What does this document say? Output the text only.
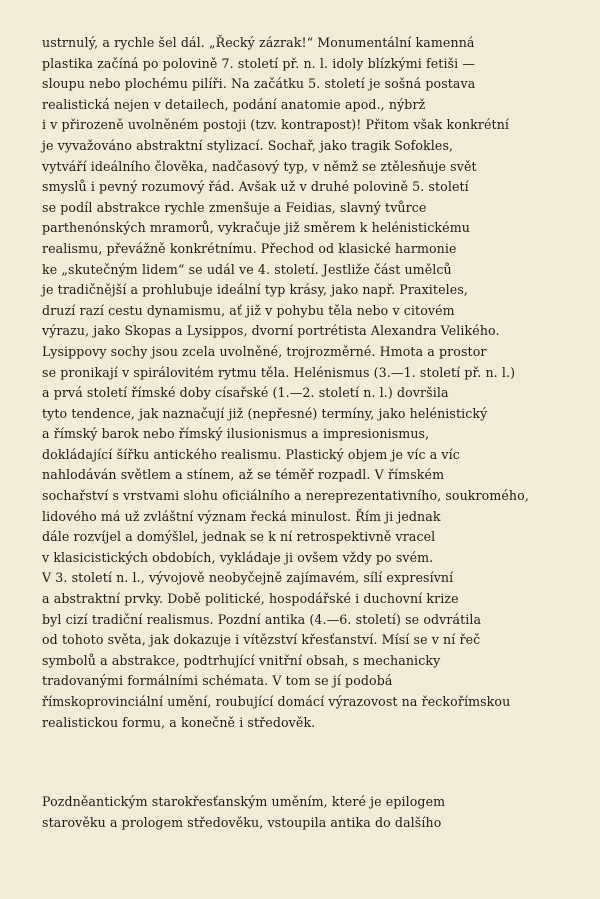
ustrnulý, a rychle šel dál. „Řecký zázrak!“ Monumentální kamenná
plastika začíná po polovině 7. století př. n. l. idoly blízkými fetiši —
sloupu nebo plochému pilíři. Na začátku 5. století je sošná postava
realistická nejen v detailech, podání anatomie apod., nýbrž
i v přirozeně uvolněném postoji (tzv. kontrapost)! Přitom však konkrétní
je vyvažováno abstraktní stylizací. Sochař, jako tragik Sofokles,
vytváří ideálního člověka, nadčasový typ, v němž se ztělesňuje svět
smyslů i pevný rozumový řád. Avšak už v druhé polovině 5. století
se podíl abstrakce rychle zmenšuje a Feidias, slavný tvůrce
parthenónských mramorů, vykračuje již směrem k helénistickému
realismu, převážně konkrétnímu. Přechod od klasické harmonie
ke „skutečným lidem“ se udál ve 4. století. Jestliže část umělců
je tradičnější a prohlubuje ideální typ krásy, jako např. Praxiteles,
druzí razí cestu dynamismu, ať již v pohybu těla nebo v citovém
výrazu, jako Skopas a Lysippos, dvorní portrétista Alexandra Velikého.
Lysippovy sochy jsou zcela uvolněné, trojrozměrné. Hmota a prostor
se pronikají v spirálovitém rytmu těla. Helénismus (3.—1. století př. n. l.)
a prvá století římské doby císařské (1.—2. století n. l.) dovršila
tyto tendence, jak naznačují již (nepřesné) termíny, jako helénistický
a římský barok nebo římský ilusionismus a impresionismus,
dokládající šířku antického realismu. Plastický objem je víc a víc
nahlodáván světlem a stínem, až se téměř rozpadl. V římském
sochařství s vrstvami slohu oficiálního a nereprezentativního, soukromého,
lidového má už zvláštní význam řecká minulost. Řím ji jednak
dále rozvíjel a domýšlel, jednak se k ní retrospektivně vracel
v klasicistických obdobích, vykládaje ji ovšem vždy po svém.
V 3. století n. l., vývojově neobyčejně zajímavém, sílí expresívní
a abstraktní prvky. Době politické, hospodářské i duchovní krize
byl cizí tradiční realismus. Pozdní antika (4.—6. století) se odvrátila
od tohoto světa, jak dokazuje i vítězství křesťanství. Mísí se v ní řeč
symbolů a abstrakce, podtrhující vnitřní obsah, s mechanicky
tradovanými formálními schémata. V tom se jí podobá
římskoprovinciální umění, roubující domácí výrazovost na řeckořímskou
realistickou formu, a konečně i středověk.
Pozdněantickým starokřesťanským uměním, které je epilogem
starověku a prologem středověku, vstoupila antika do dalšího
